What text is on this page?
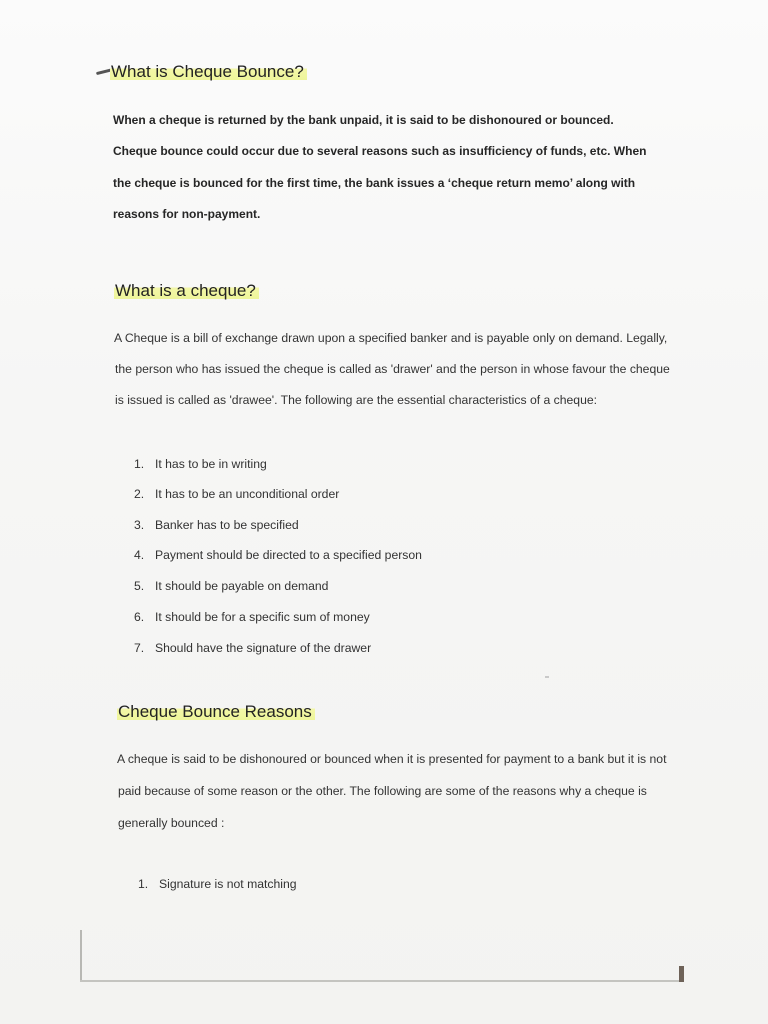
What is Cheque Bounce?
When a cheque is returned by the bank unpaid, it is said to be dishonoured or bounced.
Cheque bounce could occur due to several reasons such as insufficiency of funds, etc. When
the cheque is bounced for the first time, the bank issues a ‘cheque return memo’ along with
reasons for non-payment.
What is a cheque?
A Cheque is a bill of exchange drawn upon a specified banker and is payable only on demand. Legally,
the person who has issued the cheque is called as 'drawer' and the person in whose favour the cheque
is issued is called as 'drawee'. The following are the essential characteristics of a cheque:
1. It has to be in writing
2. It has to be an unconditional order
3. Banker has to be specified
4. Payment should be directed to a specified person
5. It should be payable on demand
6. It should be for a specific sum of money
7. Should have the signature of the drawer
Cheque Bounce Reasons
A cheque is said to be dishonoured or bounced when it is presented for payment to a bank but it is not
paid because of some reason or the other. The following are some of the reasons why a cheque is
generally bounced :
1. Signature is not matching
